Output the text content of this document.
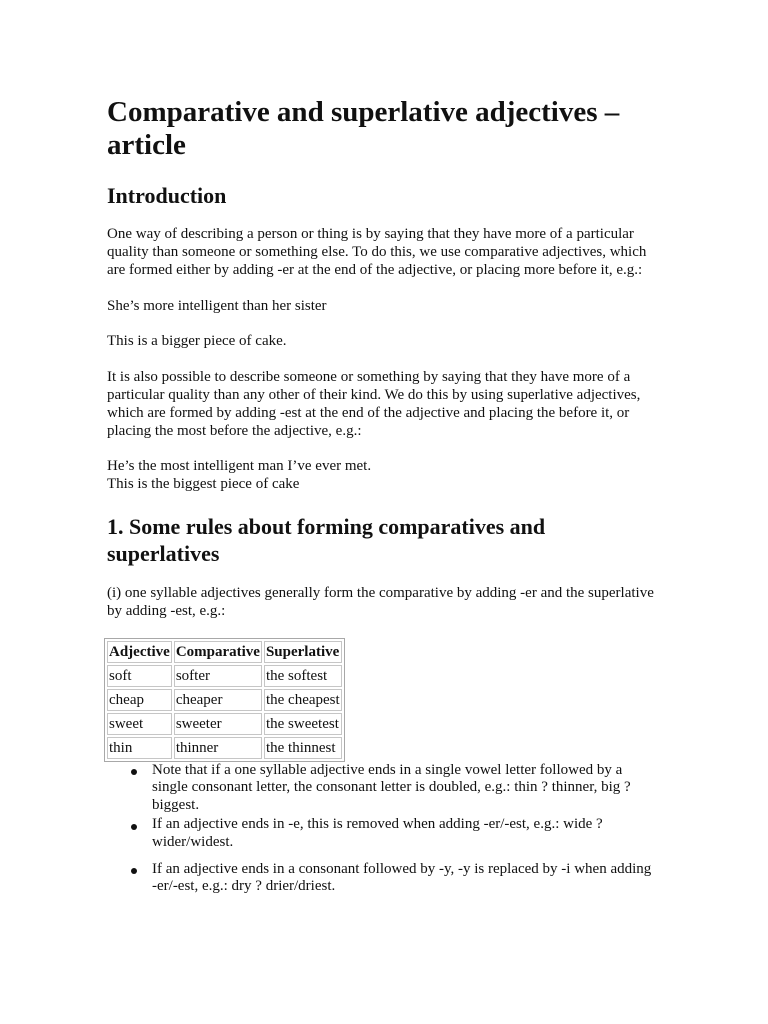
Comparative and superlative adjectives – article
Introduction

One way of describing a person or thing is by saying that they have more of a particular quality than someone or something else. To do this, we use comparative adjectives, which are formed either by adding -er at the end of the adjective, or placing more before it, e.g.:

She’s more intelligent than her sister

This is a bigger piece of cake.

It is also possible to describe someone or something by saying that they have more of a particular quality than any other of their kind. We do this by using superlative adjectives, which are formed by adding -est at the end of the adjective and placing the before it, or placing the most before the adjective, e.g.:

He’s the most intelligent man I’ve ever met.
This is the biggest piece of cake

1. Some rules about forming comparatives and superlatives

(i) one syllable adjectives generally form the comparative by adding -er and the superlative by adding -est, e.g.:

Adjective	Comparative	Superlative
soft	softer	the softest
cheap	cheaper	the cheapest
sweet	sweeter	the sweetest
thin	thinner	the thinnest
Note that if a one syllable adjective ends in a single vowel letter followed by a single consonant letter, the consonant letter is doubled, e.g.: thin ? thinner, big ? biggest.
If an adjective ends in -e, this is removed when adding -er/-est, e.g.: wide ? wider/widest.
If an adjective ends in a consonant followed by -y, -y is replaced by -i when adding -er/-est, e.g.: dry ? drier/driest.
